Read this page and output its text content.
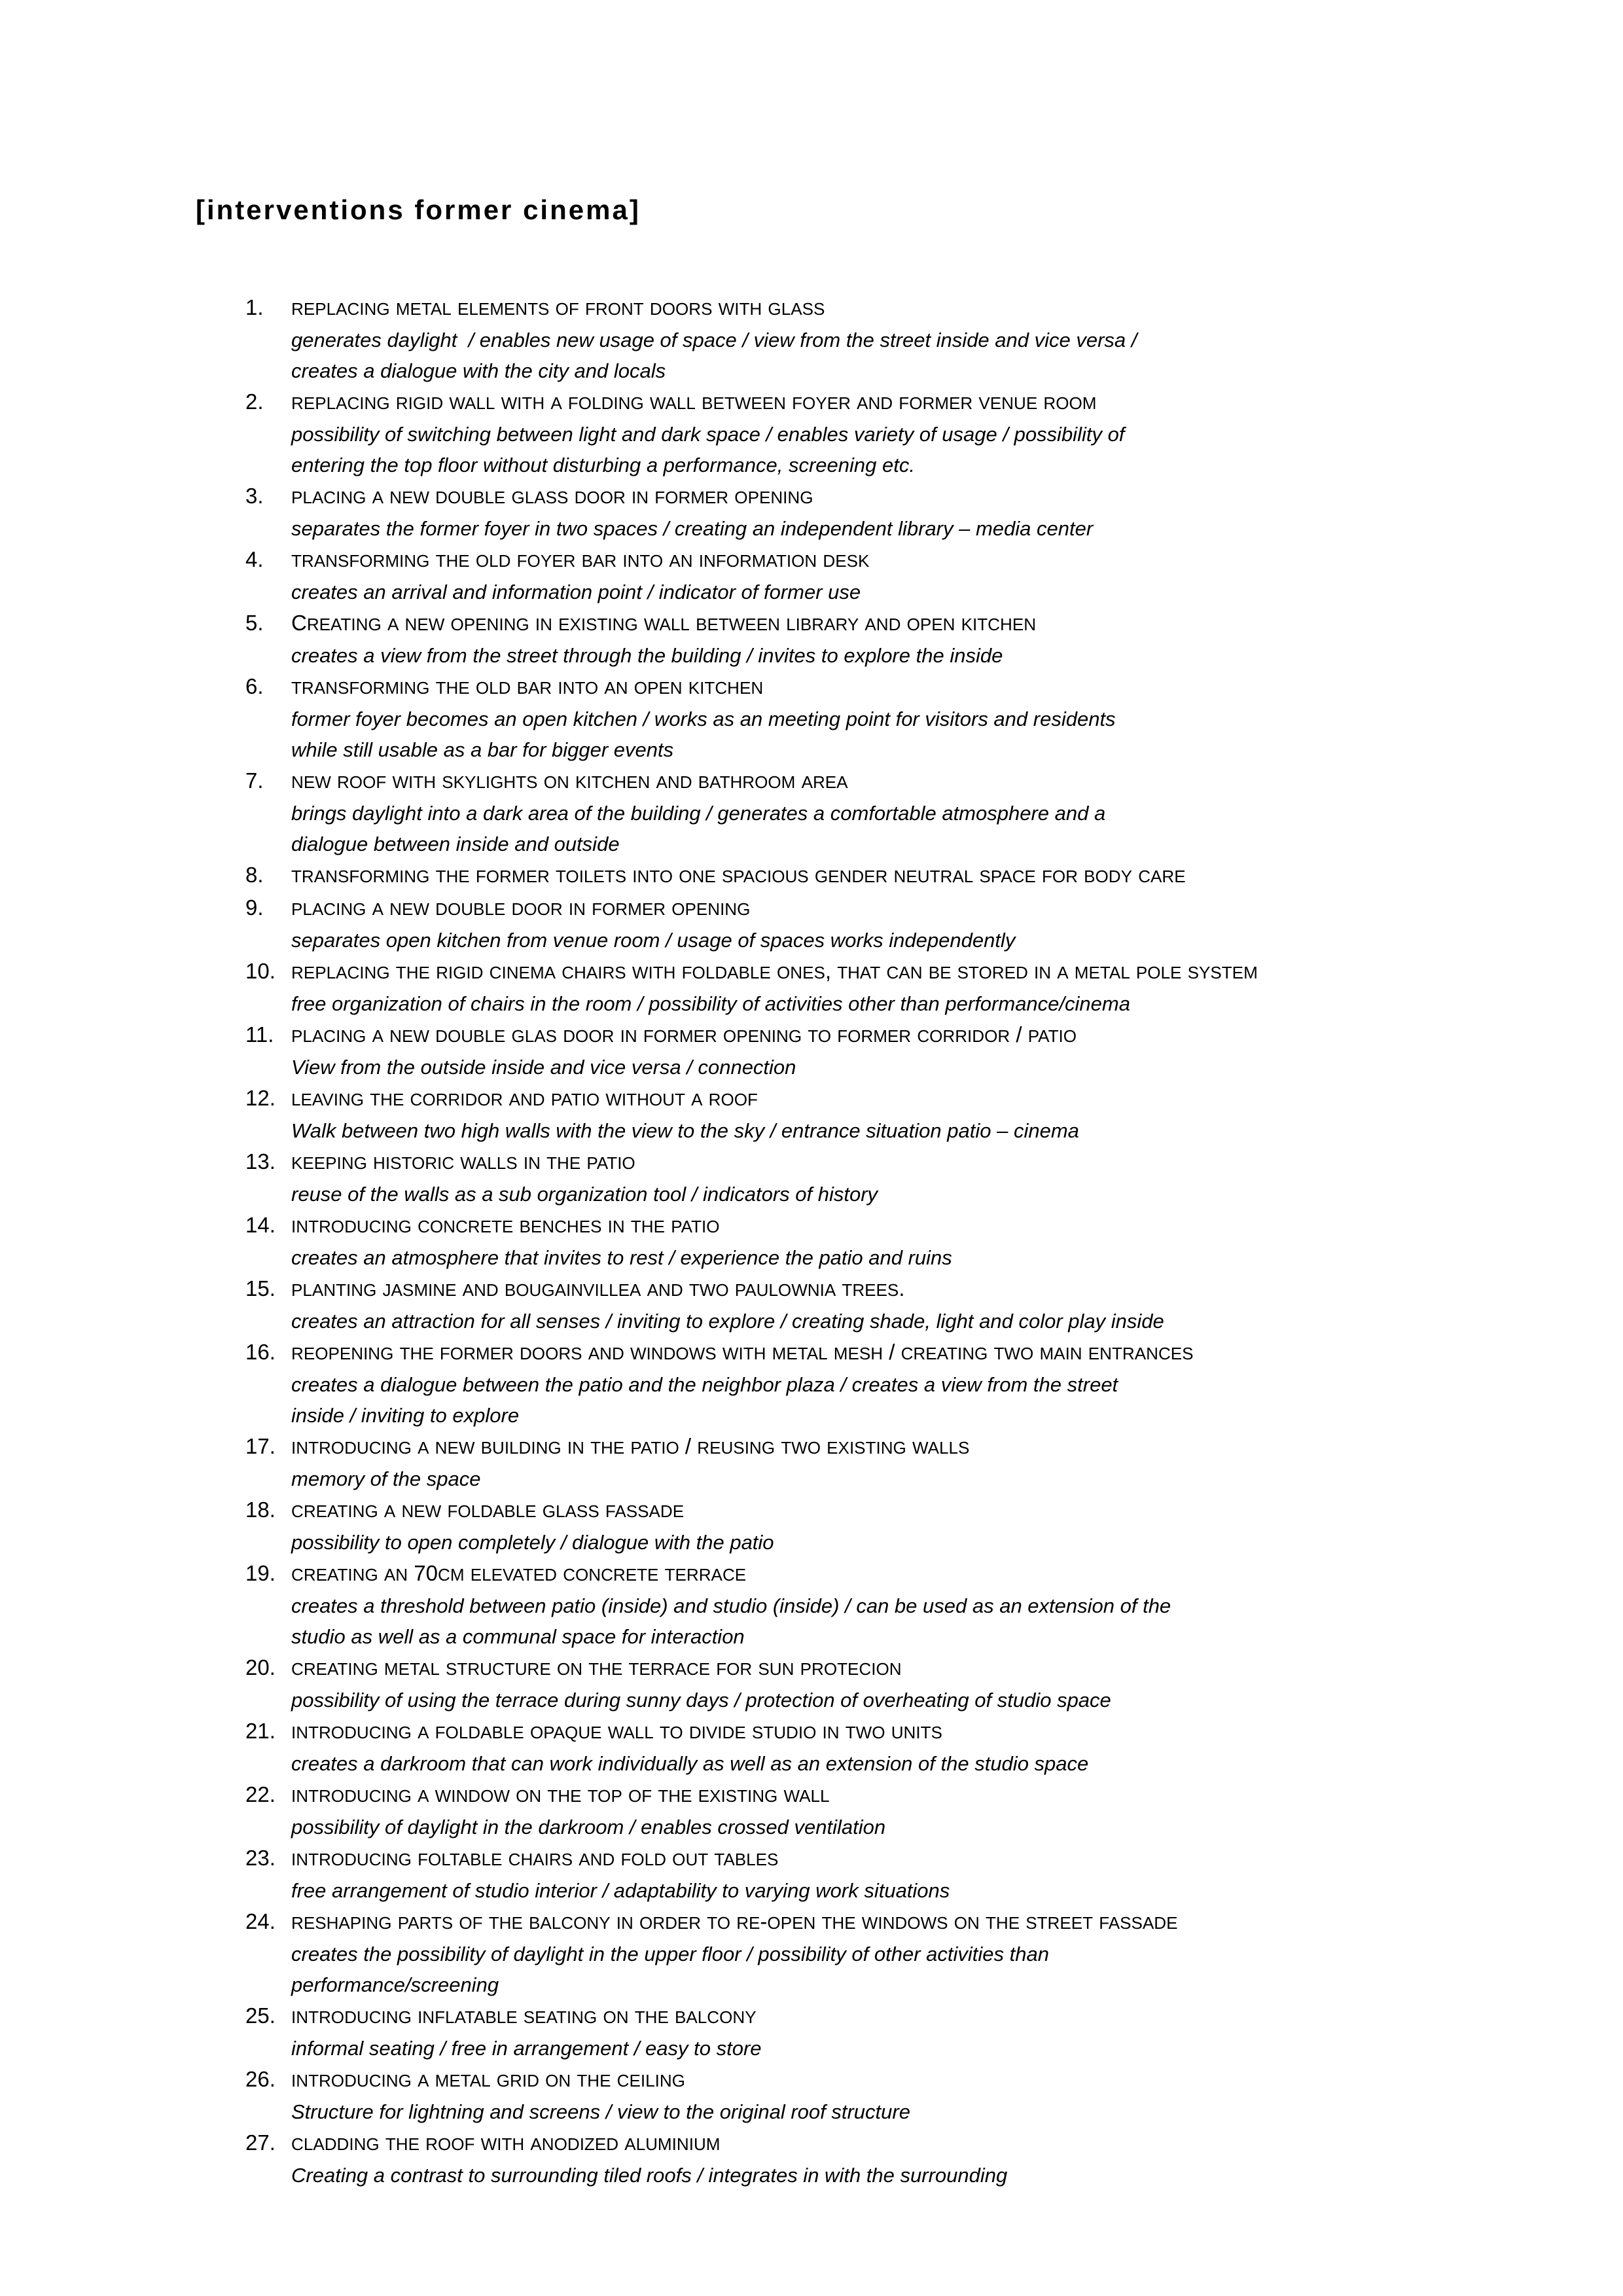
[interventions former cinema]
1. REPLACING METAL ELEMENTS OF FRONT DOORS WITH GLASS
generates daylight  / enables new usage of space / view from the street inside and vice versa /
creates a dialogue with the city and locals
2. REPLACING RIGID WALL WITH A FOLDING WALL BETWEEN FOYER AND FORMER VENUE ROOM
possibility of switching between light and dark space / enables variety of usage / possibility of
entering the top floor without disturbing a performance, screening etc.
3. PLACING A NEW DOUBLE GLASS DOOR IN FORMER OPENING
separates the former foyer in two spaces / creating an independent library – media center
4. TRANSFORMING THE OLD FOYER BAR INTO AN INFORMATION DESK
creates an arrival and information point / indicator of former use
5. CREATING A NEW OPENING IN EXISTING WALL BETWEEN LIBRARY AND OPEN KITCHEN
creates a view from the street through the building / invites to explore the inside
6. TRANSFORMING THE OLD BAR INTO AN OPEN KITCHEN
former foyer becomes an open kitchen / works as an meeting point for visitors and residents
while still usable as a bar for bigger events
7. NEW ROOF WITH SKYLIGHTS ON KITCHEN AND BATHROOM AREA
brings daylight into a dark area of the building / generates a comfortable atmosphere and a
dialogue between inside and outside
8. TRANSFORMING THE FORMER TOILETS INTO ONE SPACIOUS GENDER NEUTRAL SPACE FOR BODY CARE
9. PLACING A NEW DOUBLE DOOR IN FORMER OPENING
separates open kitchen from venue room / usage of spaces works independently
10. REPLACING THE RIGID CINEMA CHAIRS WITH FOLDABLE ONES, THAT CAN BE STORED IN A METAL POLE SYSTEM
free organization of chairs in the room / possibility of activities other than performance/cinema
11. PLACING A NEW DOUBLE GLAS DOOR IN FORMER OPENING TO FORMER CORRIDOR / PATIO
View from the outside inside and vice versa / connection
12. LEAVING THE CORRIDOR AND PATIO WITHOUT A ROOF
Walk between two high walls with the view to the sky / entrance situation patio – cinema
13. KEEPING HISTORIC WALLS IN THE PATIO
reuse of the walls as a sub organization tool / indicators of history
14. INTRODUCING CONCRETE BENCHES IN THE PATIO
creates an atmosphere that invites to rest / experience the patio and ruins
15. PLANTING JASMINE AND BOUGAINVILLEA AND TWO PAULOWNIA TREES.
creates an attraction for all senses / inviting to explore / creating shade, light and color play inside
16. REOPENING THE FORMER DOORS AND WINDOWS WITH METAL MESH / CREATING TWO MAIN ENTRANCES
creates a dialogue between the patio and the neighbor plaza / creates a view from the street
inside / inviting to explore
17. INTRODUCING A NEW BUILDING IN THE PATIO / REUSING TWO EXISTING WALLS
memory of the space
18. CREATING A NEW FOLDABLE GLASS FASSADE
possibility to open completely / dialogue with the patio
19. CREATING AN 70CM ELEVATED CONCRETE TERRACE
creates a threshold between patio (inside) and studio (inside) / can be used as an extension of the
studio as well as a communal space for interaction
20. CREATING METAL STRUCTURE ON THE TERRACE FOR SUN PROTECION
possibility of using the terrace during sunny days / protection of overheating of studio space
21. INTRODUCING A FOLDABLE OPAQUE WALL TO DIVIDE STUDIO IN TWO UNITS
creates a darkroom that can work individually as well as an extension of the studio space
22. INTRODUCING A WINDOW ON THE TOP OF THE EXISTING WALL
possibility of daylight in the darkroom / enables crossed ventilation
23. INTRODUCING FOLTABLE CHAIRS AND FOLD OUT TABLES
free arrangement of studio interior / adaptability to varying work situations
24. RESHAPING PARTS OF THE BALCONY IN ORDER TO RE-OPEN THE WINDOWS ON THE STREET FASSADE
creates the possibility of daylight in the upper floor / possibility of other activities than
performance/screening
25. INTRODUCING INFLATABLE SEATING ON THE BALCONY
informal seating / free in arrangement / easy to store
26. INTRODUCING A METAL GRID ON THE CEILING
Structure for lightning and screens / view to the original roof structure
27. CLADDING THE ROOF WITH ANODIZED ALUMINIUM
Creating a contrast to surrounding tiled roofs / integrates in with the surrounding
